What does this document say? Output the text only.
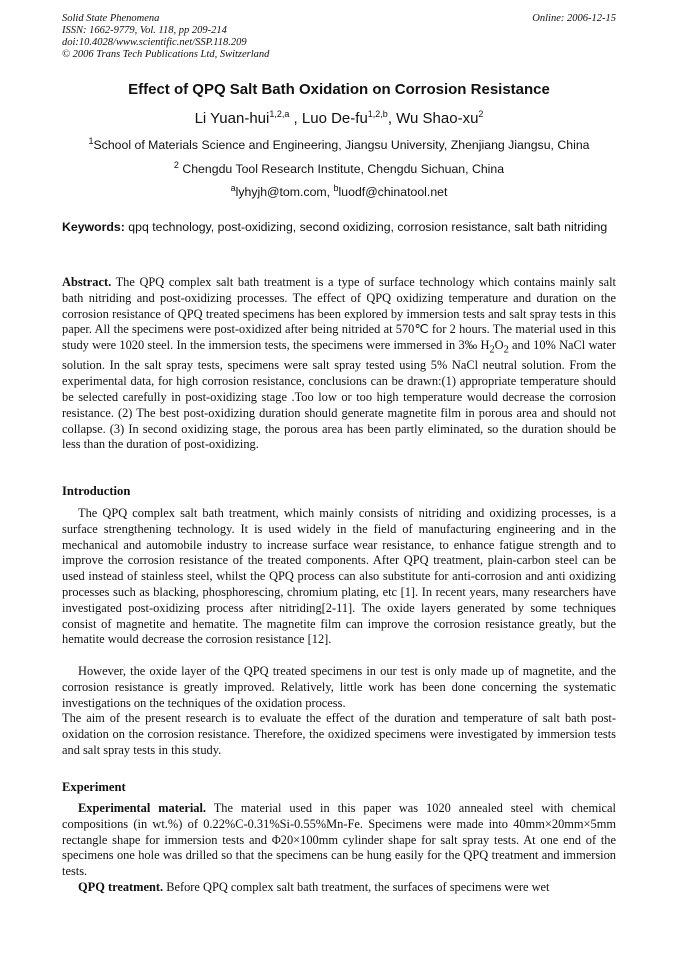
Solid State Phenomena
ISSN: 1662-9779, Vol. 118, pp 209-214
doi:10.4028/www.scientific.net/SSP.118.209
© 2006 Trans Tech Publications Ltd, Switzerland
Online: 2006-12-15
Effect of QPQ Salt Bath Oxidation on Corrosion Resistance
Li Yuan-hui$^{1,2,a}$ , Luo De-fu$^{1,2,b}$, Wu Shao-$xu^2$
$^1$School of Materials Science and Engineering, Jiangsu University, Zhenjiang Jiangsu, China
$^2$ Chengdu Tool Research Institute, Chengdu Sichuan, China
$^a$lyhyjh@tom.com, $^b$luodf@chinatool.net
Keywords: qpq technology, post-oxidizing, second oxidizing, corrosion resistance, salt bath nitriding
Abstract. The QPQ complex salt bath treatment is a type of surface technology which contains mainly salt bath nitriding and post-oxidizing processes. The effect of QPQ oxidizing temperature and duration on the corrosion resistance of QPQ treated specimens has been explored by immersion tests and salt spray tests in this paper. All the specimens were post-oxidized after being nitrided at 570℃ for 2 hours. The material used in this study were 1020 steel. In the immersion tests, the specimens were immersed in 3‰ $H_2O_2$ and 10% NaCl water solution. In the salt spray tests, specimens were salt spray tested using 5% NaCl neutral solution. From the experimental data, for high corrosion resistance, conclusions can be drawn:(1) appropriate temperature should be selected carefully in post-oxidizing stage .Too low or too high temperature would decrease the corrosion resistance. (2) The best post-oxidizing duration should generate magnetite film in porous area and should not collapse. (3) In second oxidizing stage, the porous area has been partly eliminated, so the duration should be less than the duration of post-oxidizing.
Introduction
The QPQ complex salt bath treatment, which mainly consists of nitriding and oxidizing processes, is a surface strengthening technology. It is used widely in the field of manufacturing engineering and in the mechanical and automobile industry to increase surface wear resistance, to enhance fatigue strength and to improve the corrosion resistance of the treated components. After QPQ treatment, plain-carbon steel can be used instead of stainless steel, whilst the QPQ process can also substitute for anti-corrosion and anti oxidizing processes such as blacking, phosphorescing, chromium plating, etc [1]. In recent years, many researchers have investigated post-oxidizing process after nitriding[2-11]. The oxide layers generated by some techniques consist of magnetite and hematite. The magnetite film can improve the corrosion resistance greatly, but the hematite would decrease the corrosion resistance [12].
However, the oxide layer of the QPQ treated specimens in our test is only made up of magnetite, and the corrosion resistance is greatly improved. Relatively, little work has been done concerning the systematic investigations on the techniques of the oxidation process.
The aim of the present research is to evaluate the effect of the duration and temperature of salt bath post-oxidation on the corrosion resistance. Therefore, the oxidized specimens were investigated by immersion tests and salt spray tests in this study.
Experiment
Experimental material. The material used in this paper was 1020 annealed steel with chemical compositions (in wt.%) of 0.22%C-0.31%Si-0.55%Mn-Fe. Specimens were made into 40mm×20mm×5mm rectangle shape for immersion tests and Φ20×100mm cylinder shape for salt spray tests. At one end of the specimens one hole was drilled so that the specimens can be hung easily for the QPQ treatment and immersion tests.
QPQ treatment. Before QPQ complex salt bath treatment, the surfaces of specimens were wet
